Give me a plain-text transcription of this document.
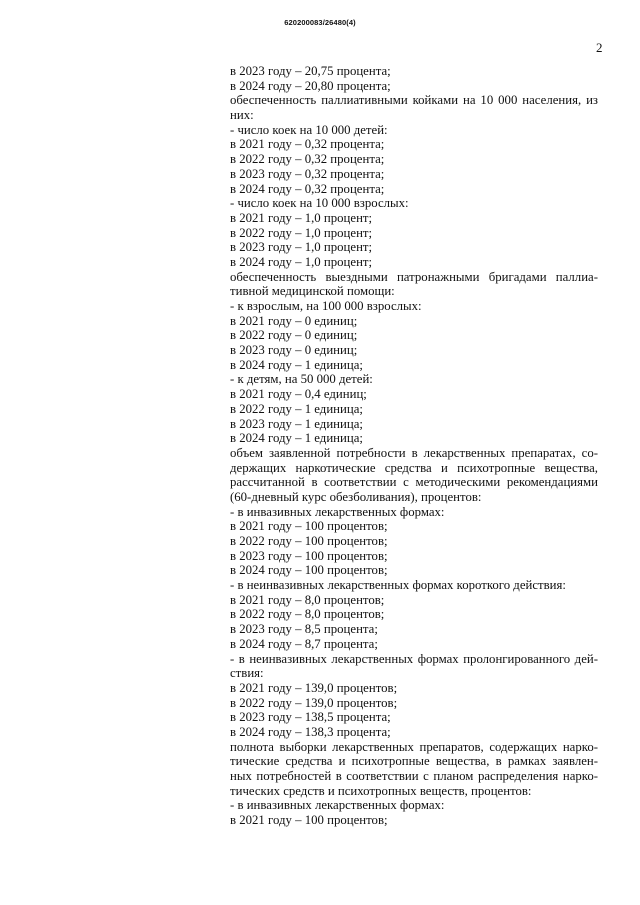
620200083/26480(4)
2
в 2023 году – 20,75 процента;
в 2024 году – 20,80 процента;
обеспеченность паллиативными койками на 10 000 населения, из
них:
- число коек на 10 000 детей:
в 2021 году – 0,32 процента;
в 2022 году – 0,32 процента;
в 2023 году – 0,32 процента;
в 2024 году – 0,32 процента;
- число коек на 10 000 взрослых:
в 2021 году – 1,0 процент;
в 2022 году – 1,0 процент;
в 2023 году – 1,0 процент;
в 2024 году – 1,0 процент;
обеспеченность выездными патронажными бригадами паллиа-
тивной медицинской помощи:
- к взрослым, на 100 000 взрослых:
в 2021 году – 0 единиц;
в 2022 году – 0 единиц;
в 2023 году – 0 единиц;
в 2024 году – 1 единица;
- к детям, на 50 000 детей:
в 2021 году – 0,4 единиц;
в 2022 году – 1 единица;
в 2023 году – 1 единица;
в 2024 году – 1 единица;
объем заявленной потребности в лекарственных препаратах, со-
держащих наркотические средства и психотропные вещества,
рассчитанной в соответствии с методическими рекомендациями
(60-дневный курс обезболивания), процентов:
- в инвазивных лекарственных формах:
в 2021 году – 100 процентов;
в 2022 году – 100 процентов;
в 2023 году – 100 процентов;
в 2024 году – 100 процентов;
- в неинвазивных лекарственных формах короткого действия:
в 2021 году – 8,0 процентов;
в 2022 году – 8,0 процентов;
в 2023 году – 8,5 процента;
в 2024 году – 8,7 процента;
- в неинвазивных лекарственных формах пролонгированного дей-
ствия:
в 2021 году – 139,0 процентов;
в 2022 году – 139,0 процентов;
в 2023 году – 138,5 процента;
в 2024 году – 138,3 процента;
полнота выборки лекарственных препаратов, содержащих нарко-
тические средства и психотропные вещества, в рамках заявлен-
ных потребностей в соответствии с планом распределения нарко-
тических средств и психотропных веществ, процентов:
- в инвазивных лекарственных формах:
в 2021 году – 100 процентов;
